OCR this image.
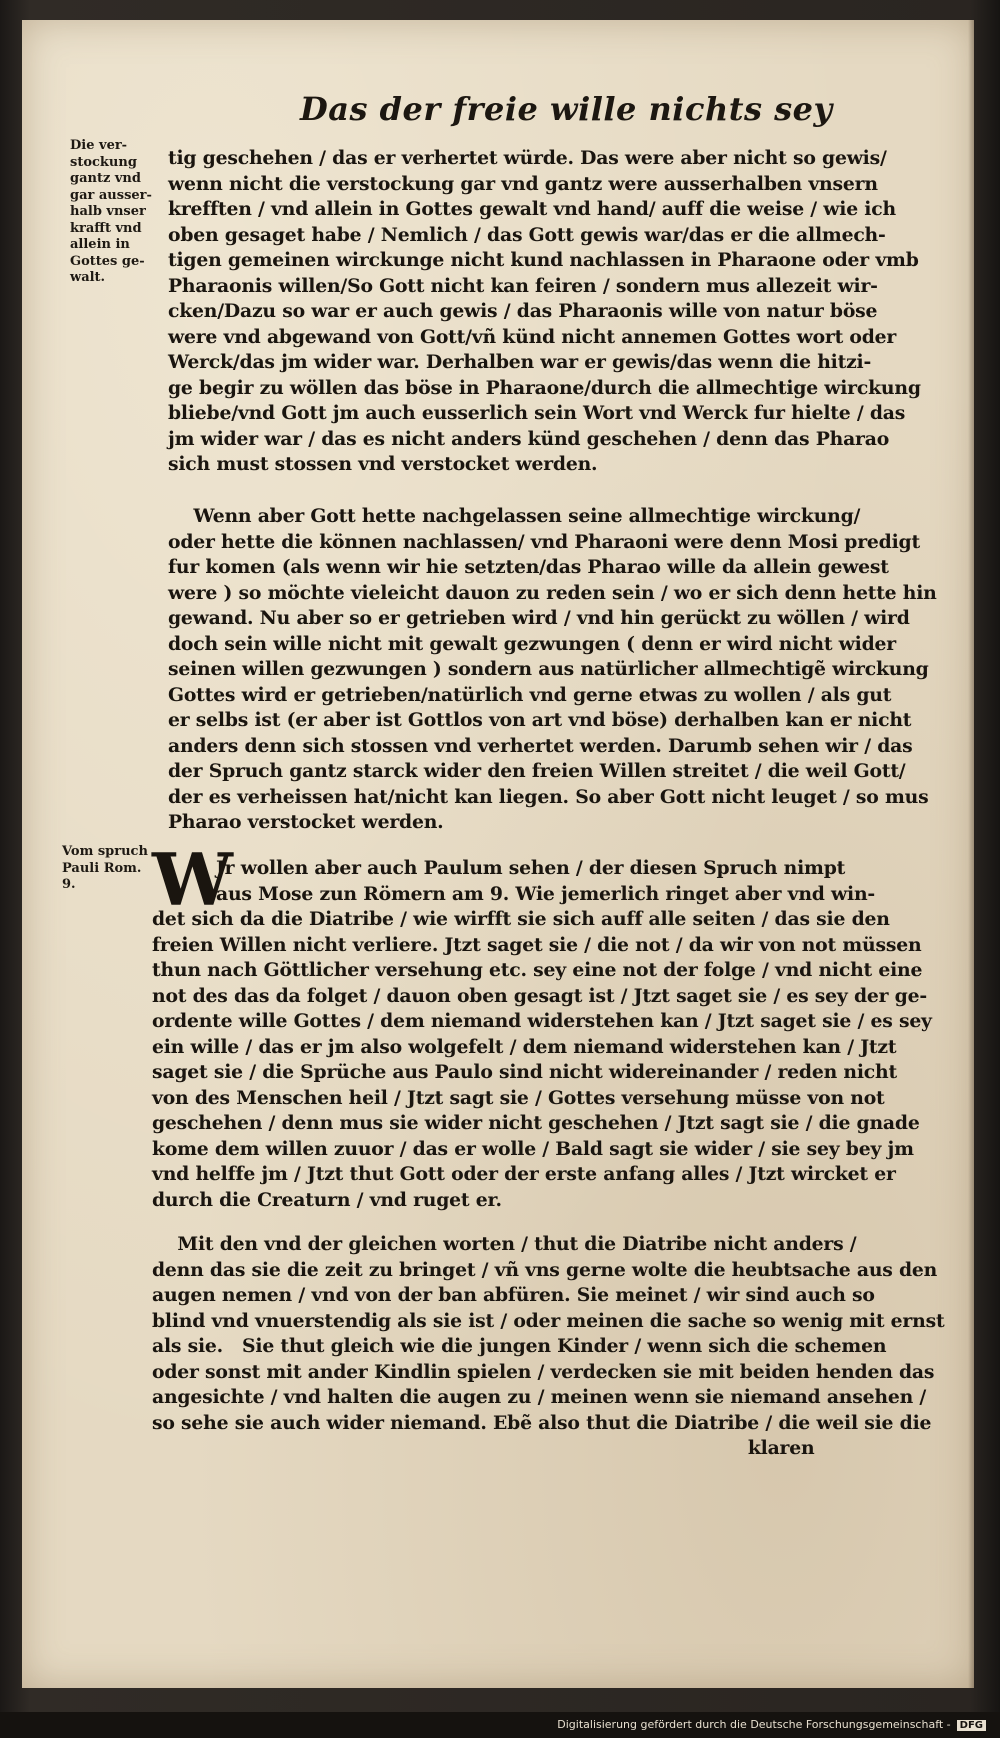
Das der freie wille nichts sey
Die ver-
stockung
gantz vnd
gar ausser-
halb vnser
krafft vnd
allein in
Gottes ge-
walt.
Vom spruch
Pauli Rom.
9.
tig geschehen / das er verhertet würde. Das were aber nicht so gewis/
wenn nicht die verstockung gar vnd gantz were ausserhalben vnsern
krefften / vnd allein in Gottes gewalt vnd hand/ auff die weise / wie ich
oben gesaget habe / Nemlich / das Gott gewis war/das er die allmech-
tigen gemeinen wirckunge nicht kund nachlassen in Pharaone oder vmb
Pharaonis willen/So Gott nicht kan feiren / sondern mus allezeit wir-
cken/Dazu so war er auch gewis / das Pharaonis wille von natur böse
were vnd abgewand von Gott/vñ künd nicht annemen Gottes wort oder
Werck/das jm wider war. Derhalben war er gewis/das wenn die hitzi-
ge begir zu wöllen das böse in Pharaone/durch die allmechtige wirckung
bliebe/vnd Gott jm auch eusserlich sein Wort vnd Werck fur hielte / das
jm wider war / das es nicht anders künd geschehen / denn das Pharao
sich must stossen vnd verstocket werden.
Wenn aber Gott hette nachgelassen seine allmechtige wirckung/
oder hette die können nachlassen/ vnd Pharaoni were denn Mosi predigt
fur komen (als wenn wir hie setzten/das Pharao wille da allein gewest
were ) so möchte vieleicht dauon zu reden sein / wo er sich denn hette hin
gewand. Nu aber so er getrieben wird / vnd hin gerückt zu wöllen / wird
doch sein wille nicht mit gewalt gezwungen ( denn er wird nicht wider
seinen willen gezwungen ) sondern aus natürlicher allmechtigẽ wirckung
Gottes wird er getrieben/natürlich vnd gerne etwas zu wollen / als gut
er selbs ist (er aber ist Gottlos von art vnd böse) derhalben kan er nicht
anders denn sich stossen vnd verhertet werden. Darumb sehen wir / das
der Spruch gantz starck wider den freien Willen streitet / die weil Gott/
der es verheissen hat/nicht kan liegen. So aber Gott nicht leuget / so mus
Pharao verstocket werden.
W
Jr wollen aber auch Paulum sehen / der diesen Spruch nimpt
aus Mose zun Römern am 9. Wie jemerlich ringet aber vnd win-
det sich da die Diatribe / wie wirfft sie sich auff alle seiten / das sie den
freien Willen nicht verliere. Jtzt saget sie / die not / da wir von not müssen
thun nach Göttlicher versehung etc. sey eine not der folge / vnd nicht eine
not des das da folget / dauon oben gesagt ist / Jtzt saget sie / es sey der ge-
ordente wille Gottes / dem niemand widerstehen kan / Jtzt saget sie / es sey
ein wille / das er jm also wolgefelt / dem niemand widerstehen kan / Jtzt
saget sie / die Sprüche aus Paulo sind nicht widereinander / reden nicht
von des Menschen heil / Jtzt sagt sie / Gottes versehung müsse von not
geschehen / denn mus sie wider nicht geschehen / Jtzt sagt sie / die gnade
kome dem willen zuuor / das er wolle / Bald sagt sie wider / sie sey bey jm
vnd helffe jm / Jtzt thut Gott oder der erste anfang alles / Jtzt wircket er
durch die Creaturn / vnd ruget er.
Mit den vnd der gleichen worten / thut die Diatribe nicht anders /
denn das sie die zeit zu bringet / vñ vns gerne wolte die heubtsache aus den
augen nemen / vnd von der ban abfüren. Sie meinet / wir sind auch so
blind vnd vnuerstendig als sie ist / oder meinen die sache so wenig mit ernst
als sie.   Sie thut gleich wie die jungen Kinder / wenn sich die schemen
oder sonst mit ander Kindlin spielen / verdecken sie mit beiden henden das
angesichte / vnd halten die augen zu / meinen wenn sie niemand ansehen /
so sehe sie auch wider niemand. Ebẽ also thut die Diatribe / die weil sie die
klaren
Digitalisierung gefördert durch die Deutsche Forschungsgemeinschaft - DFG
